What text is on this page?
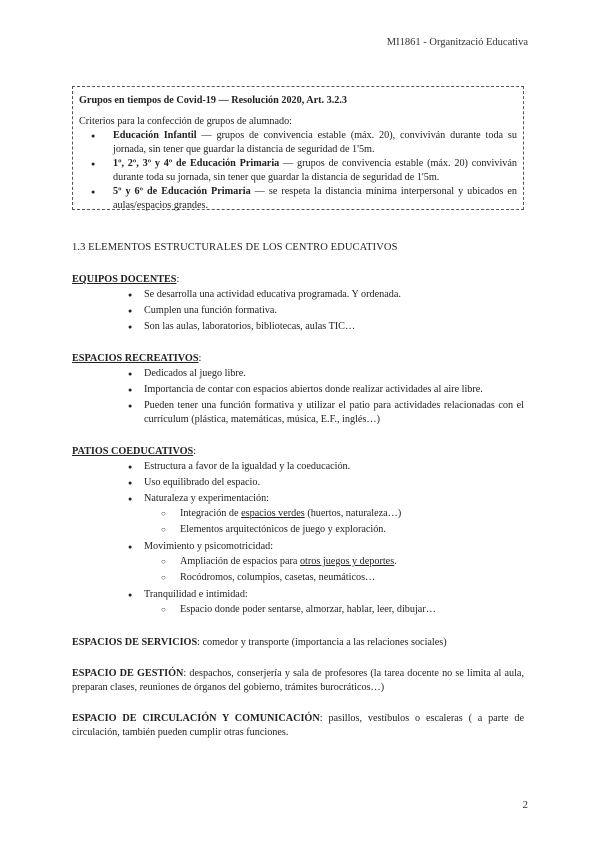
MI1861 - Organització Educativa
Grupos en tiempos de Covid-19 — Resolución 2020, Art. 3.2.3
Criterios para la confección de grupos de alumnado:
● Educación Infantil — grupos de convivencia estable (máx. 20), conviviván durante toda su jornada, sin tener que guardar la distancia de seguridad de 1'5m.
● 1º, 2º, 3º y 4º de Educación Primaria — grupos de convivencia estable (máx. 20) conviviván durante toda su jornada, sin tener que guardar la distancia de seguridad de 1'5m.
● 5º y 6º de Educación Primaria — se respeta la distancia mínima interpersonal y ubicados en aulas/espacios grandes.

1.3 ELEMENTOS ESTRUCTURALES DE LOS CENTRO EDUCATIVOS

EQUIPOS DOCENTES:

● Se desarrolla una actividad educativa programada. Y ordenada.
● Cumplen una función formativa.
● Son las aulas, laboratorios, bibliotecas, aulas TIC…

ESPACIOS RECREATIVOS:

● Dedicados al juego libre.
● Importancia de contar con espacios abiertos donde realizar actividades al aire libre.
● Pueden tener una función formativa y utilizar el patio para actividades relacionadas con el currículum (plástica, matemáticas, música, E.F., inglés…)

PATIOS COEDUCATIVOS:

● Estructura a favor de la igualdad y la coeducación.
● Uso equilibrado del espacio.
● Naturaleza y experimentación:
○ Integración de espacios verdes (huertos, naturaleza…)
○ Elementos arquitectónicos de juego y exploración.
● Movimiento y psicomotricidad:
○ Ampliación de espacios para otros juegos y deportes.
○ Rocódromos, columpios, casetas, neumáticos…
● Tranquilidad e intimidad:
○ Espacio donde poder sentarse, almorzar, hablar, leer, dibujar…

ESPACIOS DE SERVICIOS: comedor y transporte (importancia a las relaciones sociales)

ESPACIO DE GESTIÓN: despachos, conserjería y sala de profesores (la tarea docente no se limita al aula, preparan clases, reuniones de órganos del gobierno, trámites burocráticos…)

ESPACIO DE CIRCULACIÓN Y COMUNICACIÓN: pasillos, vestíbulos o escaleras ( a parte de circulación, también pueden cumplir otras funciones.

2
